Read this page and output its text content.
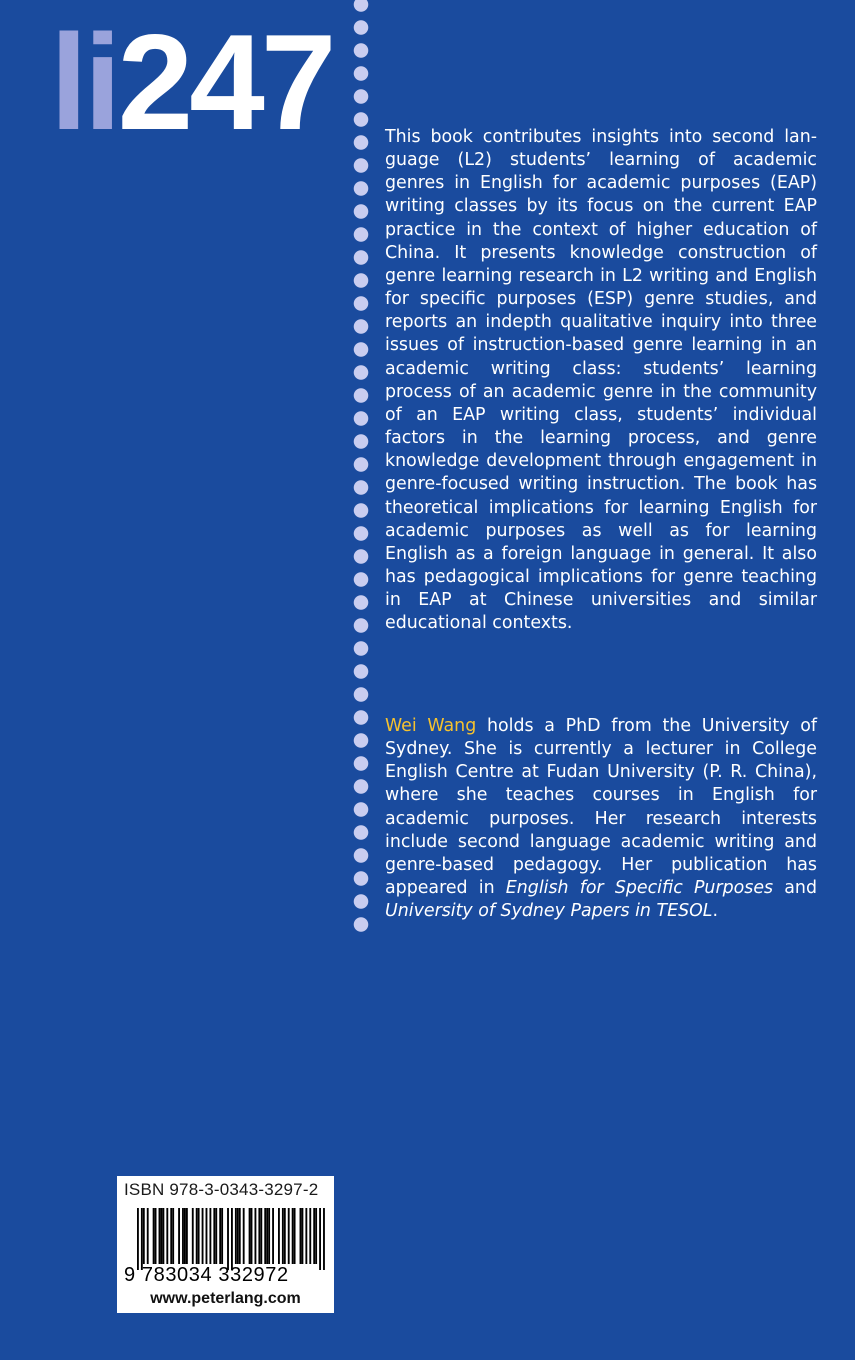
li247	This book contributes insights into second language (L2) students’ learning of academic genres in English for academic purposes (EAP) writing classes by its focus on the current EAP practice in the context of higher education of China. It presents knowledge construction of genre learning research in L2 writing and English for specific purposes (ESP) genre studies, and reports an indepth qualitative inquiry into three issues of instruction-based genre learning in an academic writing class: students’ learning process of an academic genre in the community of an EAP writing class, students’ individual factors in the learning process, and genre knowledge development through engagement in genre-focused writing instruction. The book has theoretical implications for learning English for academic purposes as well as for learning English as a foreign language in general. It also has pedagogical implications for genre teaching in EAP at Chinese universities and similar educational contexts.

Wei Wang holds a PhD from the University of Sydney. She is currently a lecturer in College English Centre at Fudan University (P. R. China), where she teaches courses in English for academic purposes. Her research interests include second language academic writing and genre-based pedagogy. Her publication has appeared in English for Specific Purposes and University of Sydney Papers in TESOL.

ISBN 978-3-0343-3297-2
9 783034 332972
www.peterlang.com
